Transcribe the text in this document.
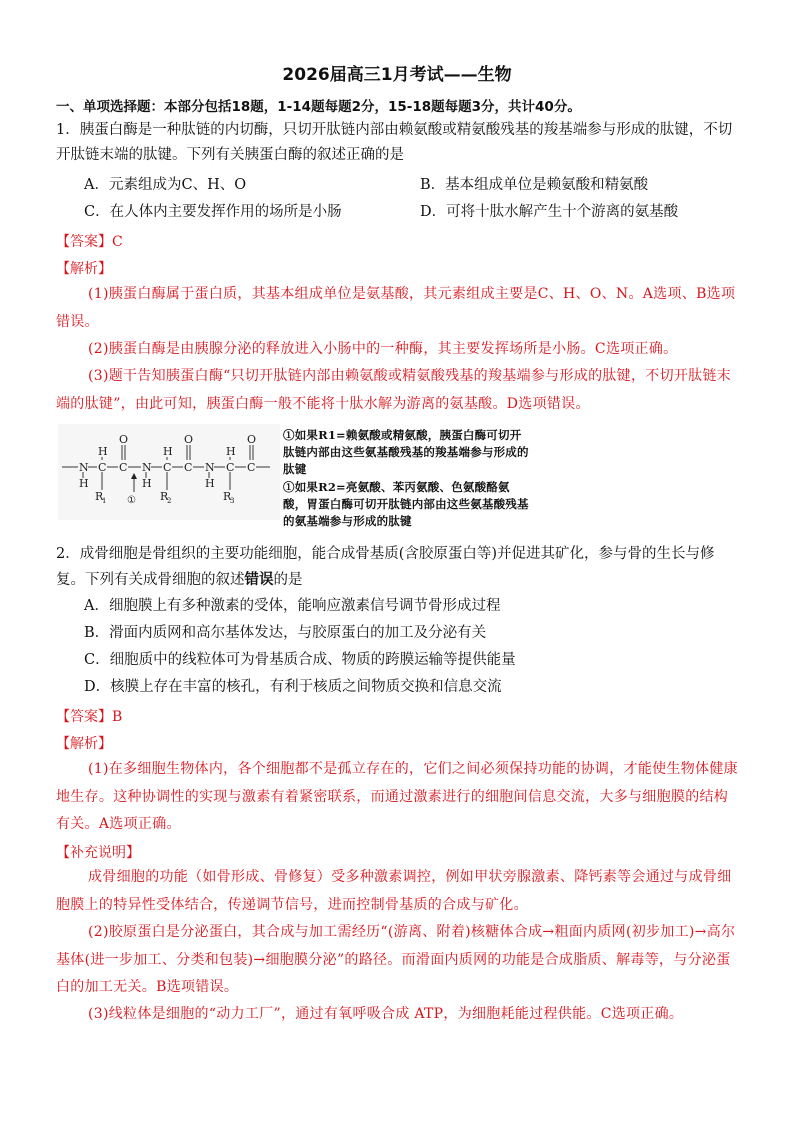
2026届高三1月考试——生物
一、单项选择题：本部分包括18题，1-14题每题2分，15-18题每题3分，共计40分。
1．胰蛋白酶是一种肽链的内切酶，只切开肽链内部由赖氨酸或精氨酸残基的羧基端参与形成的肽键，不切开肽链末端的肽键。下列有关胰蛋白酶的叙述正确的是
A．元素组成为C、H、O	B．基本组成单位是赖氨酸和精氨酸
C．在人体内主要发挥作用的场所是小肠	D．可将十肽水解产生十个游离的氨基酸
【答案】C
【解析】
(1)胰蛋白酶属于蛋白质，其基本组成单位是氨基酸，其元素组成主要是C、H、O、N。A选项、B选项错误。
(2)胰蛋白酶是由胰腺分泌的释放进入小肠中的一种酶，其主要发挥场所是小肠。C选项正确。
(3)题干告知胰蛋白酶“只切开肽链内部由赖氨酸或精氨酸残基的羧基端参与形成的肽键，不切开肽链末端的肽键”，由此可知，胰蛋白酶一般不能将十肽水解为游离的氨基酸。D选项错误。
O	O	O
H	H	H
N C C N C C N C C
H	H	H
R
1	R
2	R
3
①
①如果R1=赖氨酸或精氨酸，胰蛋白酶可切开肽链内部由这些氨基酸残基的羧基端参与形成的肽键
①如果R2=亮氨酸、苯丙氨酸、色氨酸酪氨酸，胃蛋白酶可切开肽链内部由这些氨基酸残基的氨基端参与形成的肽键
2．成骨细胞是骨组织的主要功能细胞，能合成骨基质(含胶原蛋白等)并促进其矿化，参与骨的生长与修复。下列有关成骨细胞的叙述错误的是
A．细胞膜上有多种激素的受体，能响应激素信号调节骨形成过程
B．滑面内质网和高尔基体发达，与胶原蛋白的加工及分泌有关
C．细胞质中的线粒体可为骨基质合成、物质的跨膜运输等提供能量
D．核膜上存在丰富的核孔，有利于核质之间物质交换和信息交流
【答案】B
【解析】
(1)在多细胞生物体内，各个细胞都不是孤立存在的，它们之间必须保持功能的协调，才能使生物体健康地生存。这种协调性的实现与激素有着紧密联系，而通过激素进行的细胞间信息交流，大多与细胞膜的结构有关。A选项正确。
【补充说明】
成骨细胞的功能（如骨形成、骨修复）受多种激素调控，例如甲状旁腺激素、降钙素等会通过与成骨细胞膜上的特异性受体结合，传递调节信号，进而控制骨基质的合成与矿化。
(2)胶原蛋白是分泌蛋白，其合成与加工需经历“(游离、附着)核糖体合成→粗面内质网(初步加工)→高尔基体(进一步加工、分类和包装)→细胞膜分泌”的路径。而滑面内质网的功能是合成脂质、解毒等，与分泌蛋白的加工无关。B选项错误。
(3)线粒体是细胞的“动力工厂”，通过有氧呼吸合成 ATP，为细胞耗能过程供能。C选项正确。
